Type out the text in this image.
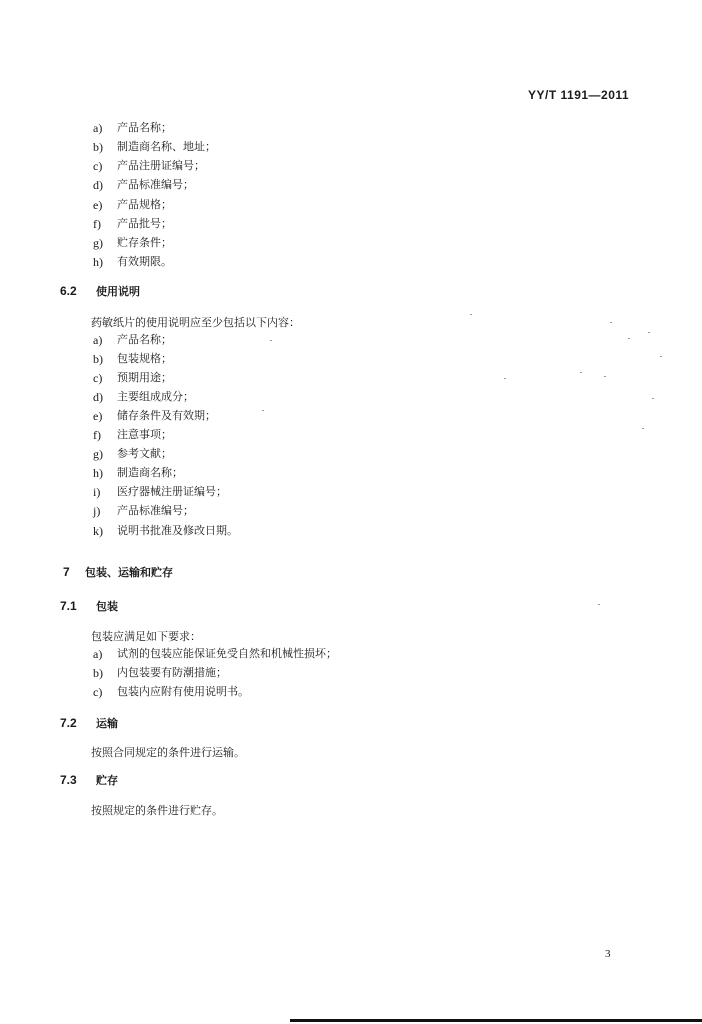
YY/T 1191—2011
a) 产品名称；
b) 制造商名称、地址；
c) 产品注册证编号；
d) 产品标准编号；
e) 产品规格；
f) 产品批号；
g) 贮存条件；
h) 有效期限。
6.2 使用说明
药敏纸片的使用说明应至少包括以下内容：
a) 产品名称；
b) 包装规格；
c) 预期用途；
d) 主要组成成分；
e) 储存条件及有效期；
f) 注意事项；
g) 参考文献；
h) 制造商名称；
i) 医疗器械注册证编号；
j) 产品标准编号；
k) 说明书批准及修改日期。
7 包装、运输和贮存
7.1 包装
包装应满足如下要求：
a) 试剂的包装应能保证免受自然和机械性损坏；
b) 内包装要有防潮措施；
c) 包装内应附有使用说明书。
7.2 运输
按照合同规定的条件进行运输。
7.3 贮存
按照规定的条件进行贮存。
3
